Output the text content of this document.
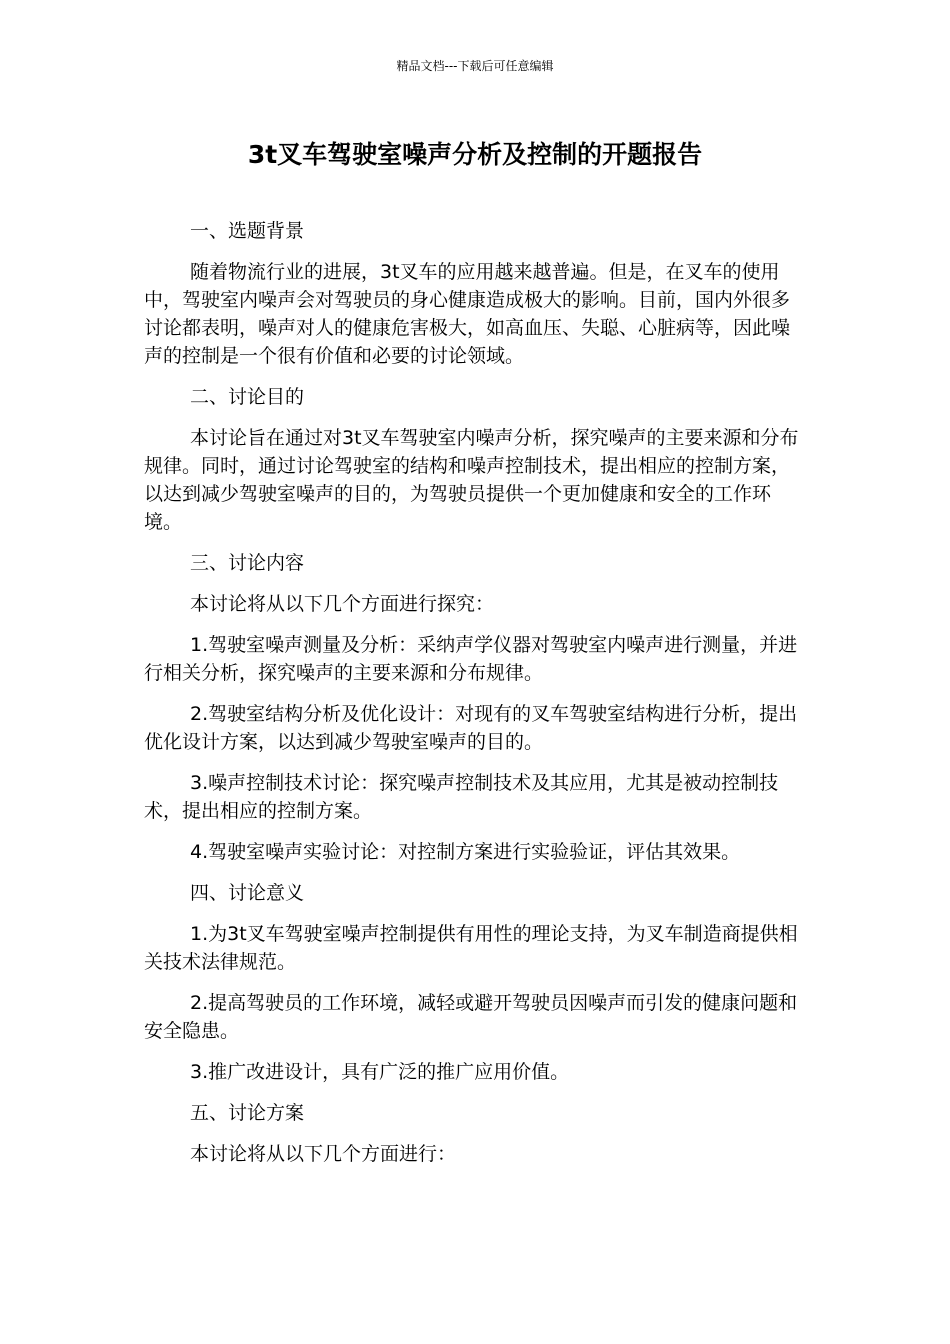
精品文档---下载后可任意编辑
3t叉车驾驶室噪声分析及控制的开题报告

一、选题背景

随着物流行业的进展，3t叉车的应用越来越普遍。但是，在叉车的使用中，驾驶室内噪声会对驾驶员的身心健康造成极大的影响。目前，国内外很多讨论都表明，噪声对人的健康危害极大，如高血压、失聪、心脏病等，因此噪声的控制是一个很有价值和必要的讨论领域。

二、讨论目的

本讨论旨在通过对3t叉车驾驶室内噪声分析，探究噪声的主要来源和分布规律。同时，通过讨论驾驶室的结构和噪声控制技术，提出相应的控制方案，以达到减少驾驶室噪声的目的，为驾驶员提供一个更加健康和安全的工作环境。

三、讨论内容

本讨论将从以下几个方面进行探究：

1.驾驶室噪声测量及分析：采纳声学仪器对驾驶室内噪声进行测量，并进行相关分析，探究噪声的主要来源和分布规律。

2.驾驶室结构分析及优化设计：对现有的叉车驾驶室结构进行分析，提出优化设计方案，以达到减少驾驶室噪声的目的。

3.噪声控制技术讨论：探究噪声控制技术及其应用，尤其是被动控制技术，提出相应的控制方案。

4.驾驶室噪声实验讨论：对控制方案进行实验验证，评估其效果。

四、讨论意义

1.为3t叉车驾驶室噪声控制提供有用性的理论支持，为叉车制造商提供相关技术法律规范。

2.提高驾驶员的工作环境，减轻或避开驾驶员因噪声而引发的健康问题和安全隐患。

3.推广改进设计，具有广泛的推广应用价值。

五、讨论方案

本讨论将从以下几个方面进行：
